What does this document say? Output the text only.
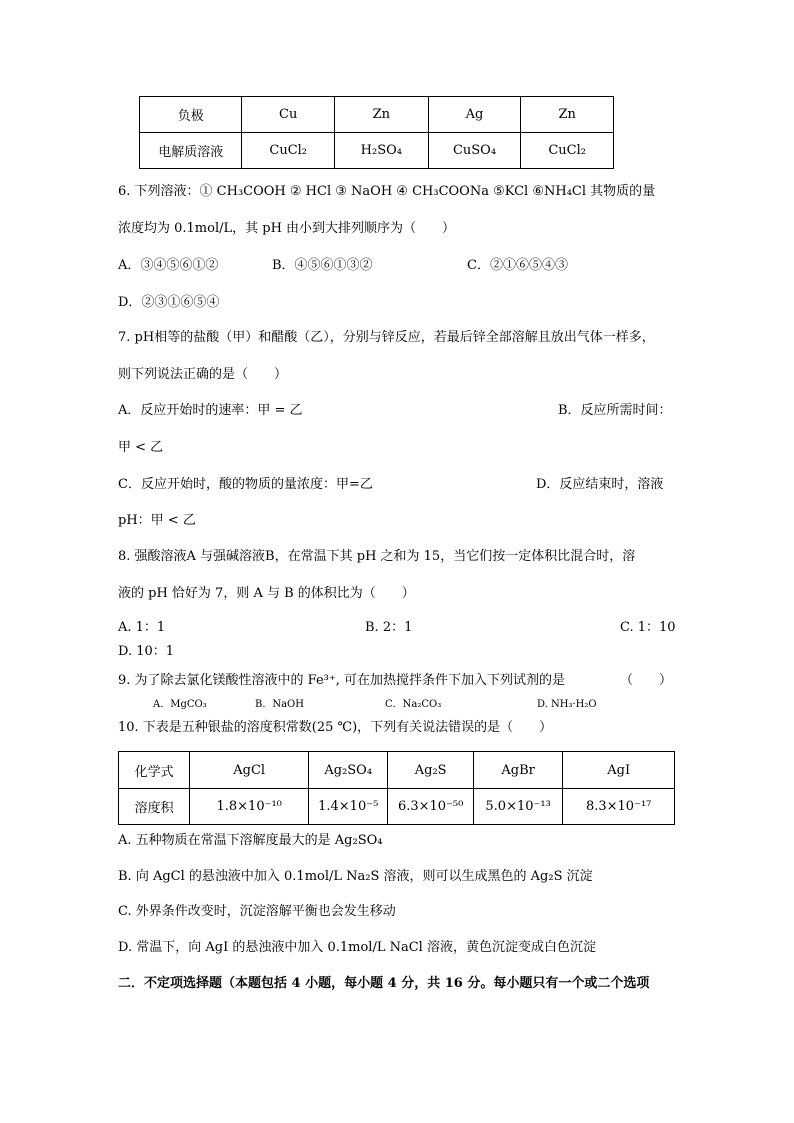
负极	Cu	Zn	Ag	Zn
电解质溶液	CuCl₂	H₂SO₄	CuSO₄	CuCl₂
6. 下列溶液：① CH₃COOH ② HCl ③ NaOH ④ CH₃COONa ⑤KCl ⑥NH₄Cl 其物质的量
浓度均为 0.1mol/L，其 pH 由小到大排列顺序为（　　）
A．③④⑤⑥①②	B．④⑤⑥①③②	C．②①⑥⑤④③
D．②③①⑥⑤④
7. pH相等的盐酸（甲）和醋酸（乙），分别与锌反应，若最后锌全部溶解且放出气体一样多，
则下列说法正确的是（　　）
A．反应开始时的速率：甲 = 乙	B．反应所需时间：
甲 < 乙
C．反应开始时，酸的物质的量浓度：甲=乙	D．反应结束时，溶液
pH：甲 < 乙
8. 强酸溶液A 与强碱溶液B，在常温下其 pH 之和为 15，当它们按一定体积比混合时，溶
液的 pH 恰好为 7，则 A 与 B 的体积比为（　　）
A. 1：1	B. 2：1	C. 1：10
D. 10：1
9. 为了除去氯化镁酸性溶液中的 Fe³⁺, 可在加热搅拌条件下加入下列试剂的是	（　　）
A．MgCO₃	B．NaOH	C．Na₂CO₃	D. NH₃·H₂O
10. 下表是五种银盐的溶度积常数(25 ℃)，下列有关说法错误的是（　　）
化学式	AgCl	Ag₂SO₄	Ag₂S	AgBr	AgI
溶度积	1.8×10⁻¹⁰	1.4×10⁻⁵	6.3×10⁻⁵⁰	5.0×10⁻¹³	8.3×10⁻¹⁷
A. 五种物质在常温下溶解度最大的是 Ag₂SO₄
B. 向 AgCl 的悬浊液中加入 0.1mol/L Na₂S 溶液，则可以生成黑色的 Ag₂S 沉淀
C. 外界条件改变时，沉淀溶解平衡也会发生移动
D. 常温下，向 AgI 的悬浊液中加入 0.1mol/L NaCl 溶液，黄色沉淀变成白色沉淀
二．不定项选择题（本题包括 4 小题，每小题 4 分，共 16 分。每小题只有一个或二个选项
